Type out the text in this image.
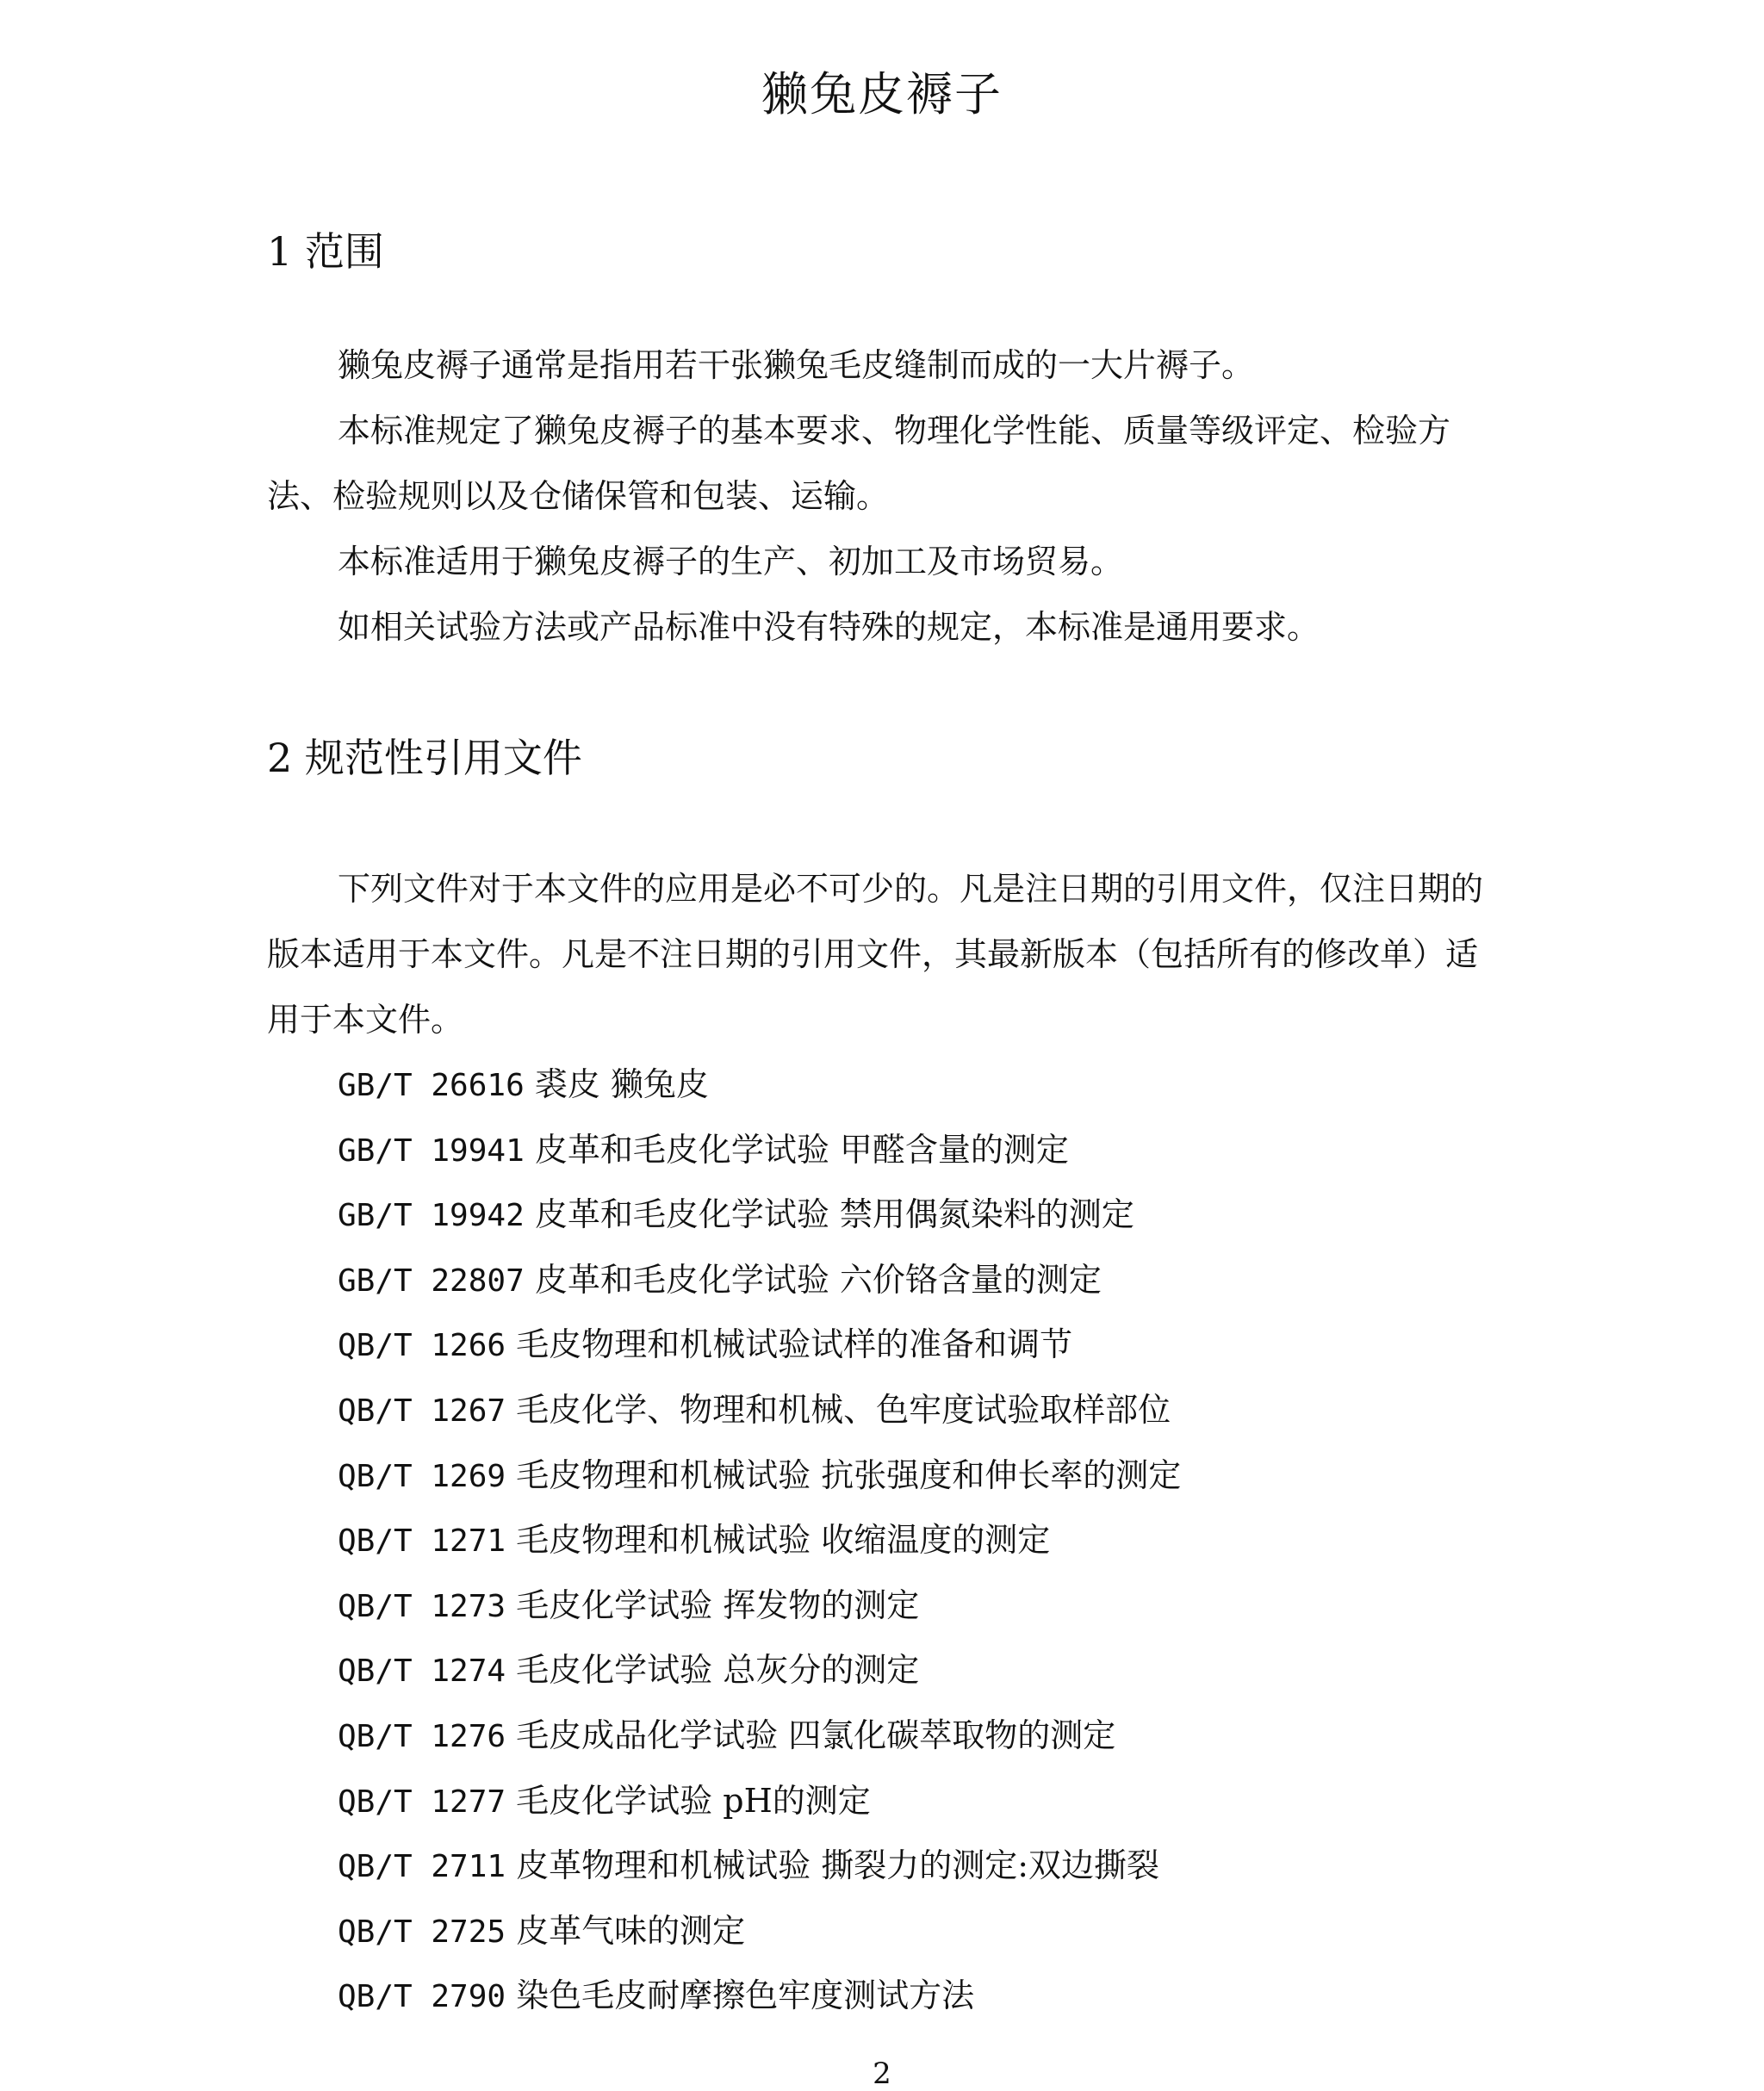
獭兔皮褥子
1 范围

獭兔皮褥子通常是指用若干张獭兔毛皮缝制而成的一大片褥子。

本标准规定了獭兔皮褥子的基本要求、物理化学性能、质量等级评定、检验方法、检验规则以及仓储保管和包装、运输。

本标准适用于獭兔皮褥子的生产、初加工及市场贸易。

如相关试验方法或产品标准中没有特殊的规定，本标准是通用要求。

2 规范性引用文件

下列文件对于本文件的应用是必不可少的。凡是注日期的引用文件，仅注日期的版本适用于本文件。凡是不注日期的引用文件，其最新版本（包括所有的修改单）适用于本文件。

GB/T 26616 裘皮 獭兔皮
GB/T 19941 皮革和毛皮化学试验 甲醛含量的测定
GB/T 19942 皮革和毛皮化学试验 禁用偶氮染料的测定
GB/T 22807 皮革和毛皮化学试验 六价铬含量的测定
QB/T 1266 毛皮物理和机械试验试样的准备和调节
QB/T 1267 毛皮化学、物理和机械、色牢度试验取样部位
QB/T 1269 毛皮物理和机械试验 抗张强度和伸长率的测定
QB/T 1271 毛皮物理和机械试验 收缩温度的测定
QB/T 1273 毛皮化学试验 挥发物的测定
QB/T 1274 毛皮化学试验 总灰分的测定
QB/T 1276 毛皮成品化学试验 四氯化碳萃取物的测定
QB/T 1277 毛皮化学试验 pH的测定
QB/T 2711 皮革物理和机械试验 撕裂力的测定:双边撕裂
QB/T 2725 皮革气味的测定
QB/T 2790 染色毛皮耐摩擦色牢度测试方法
2
